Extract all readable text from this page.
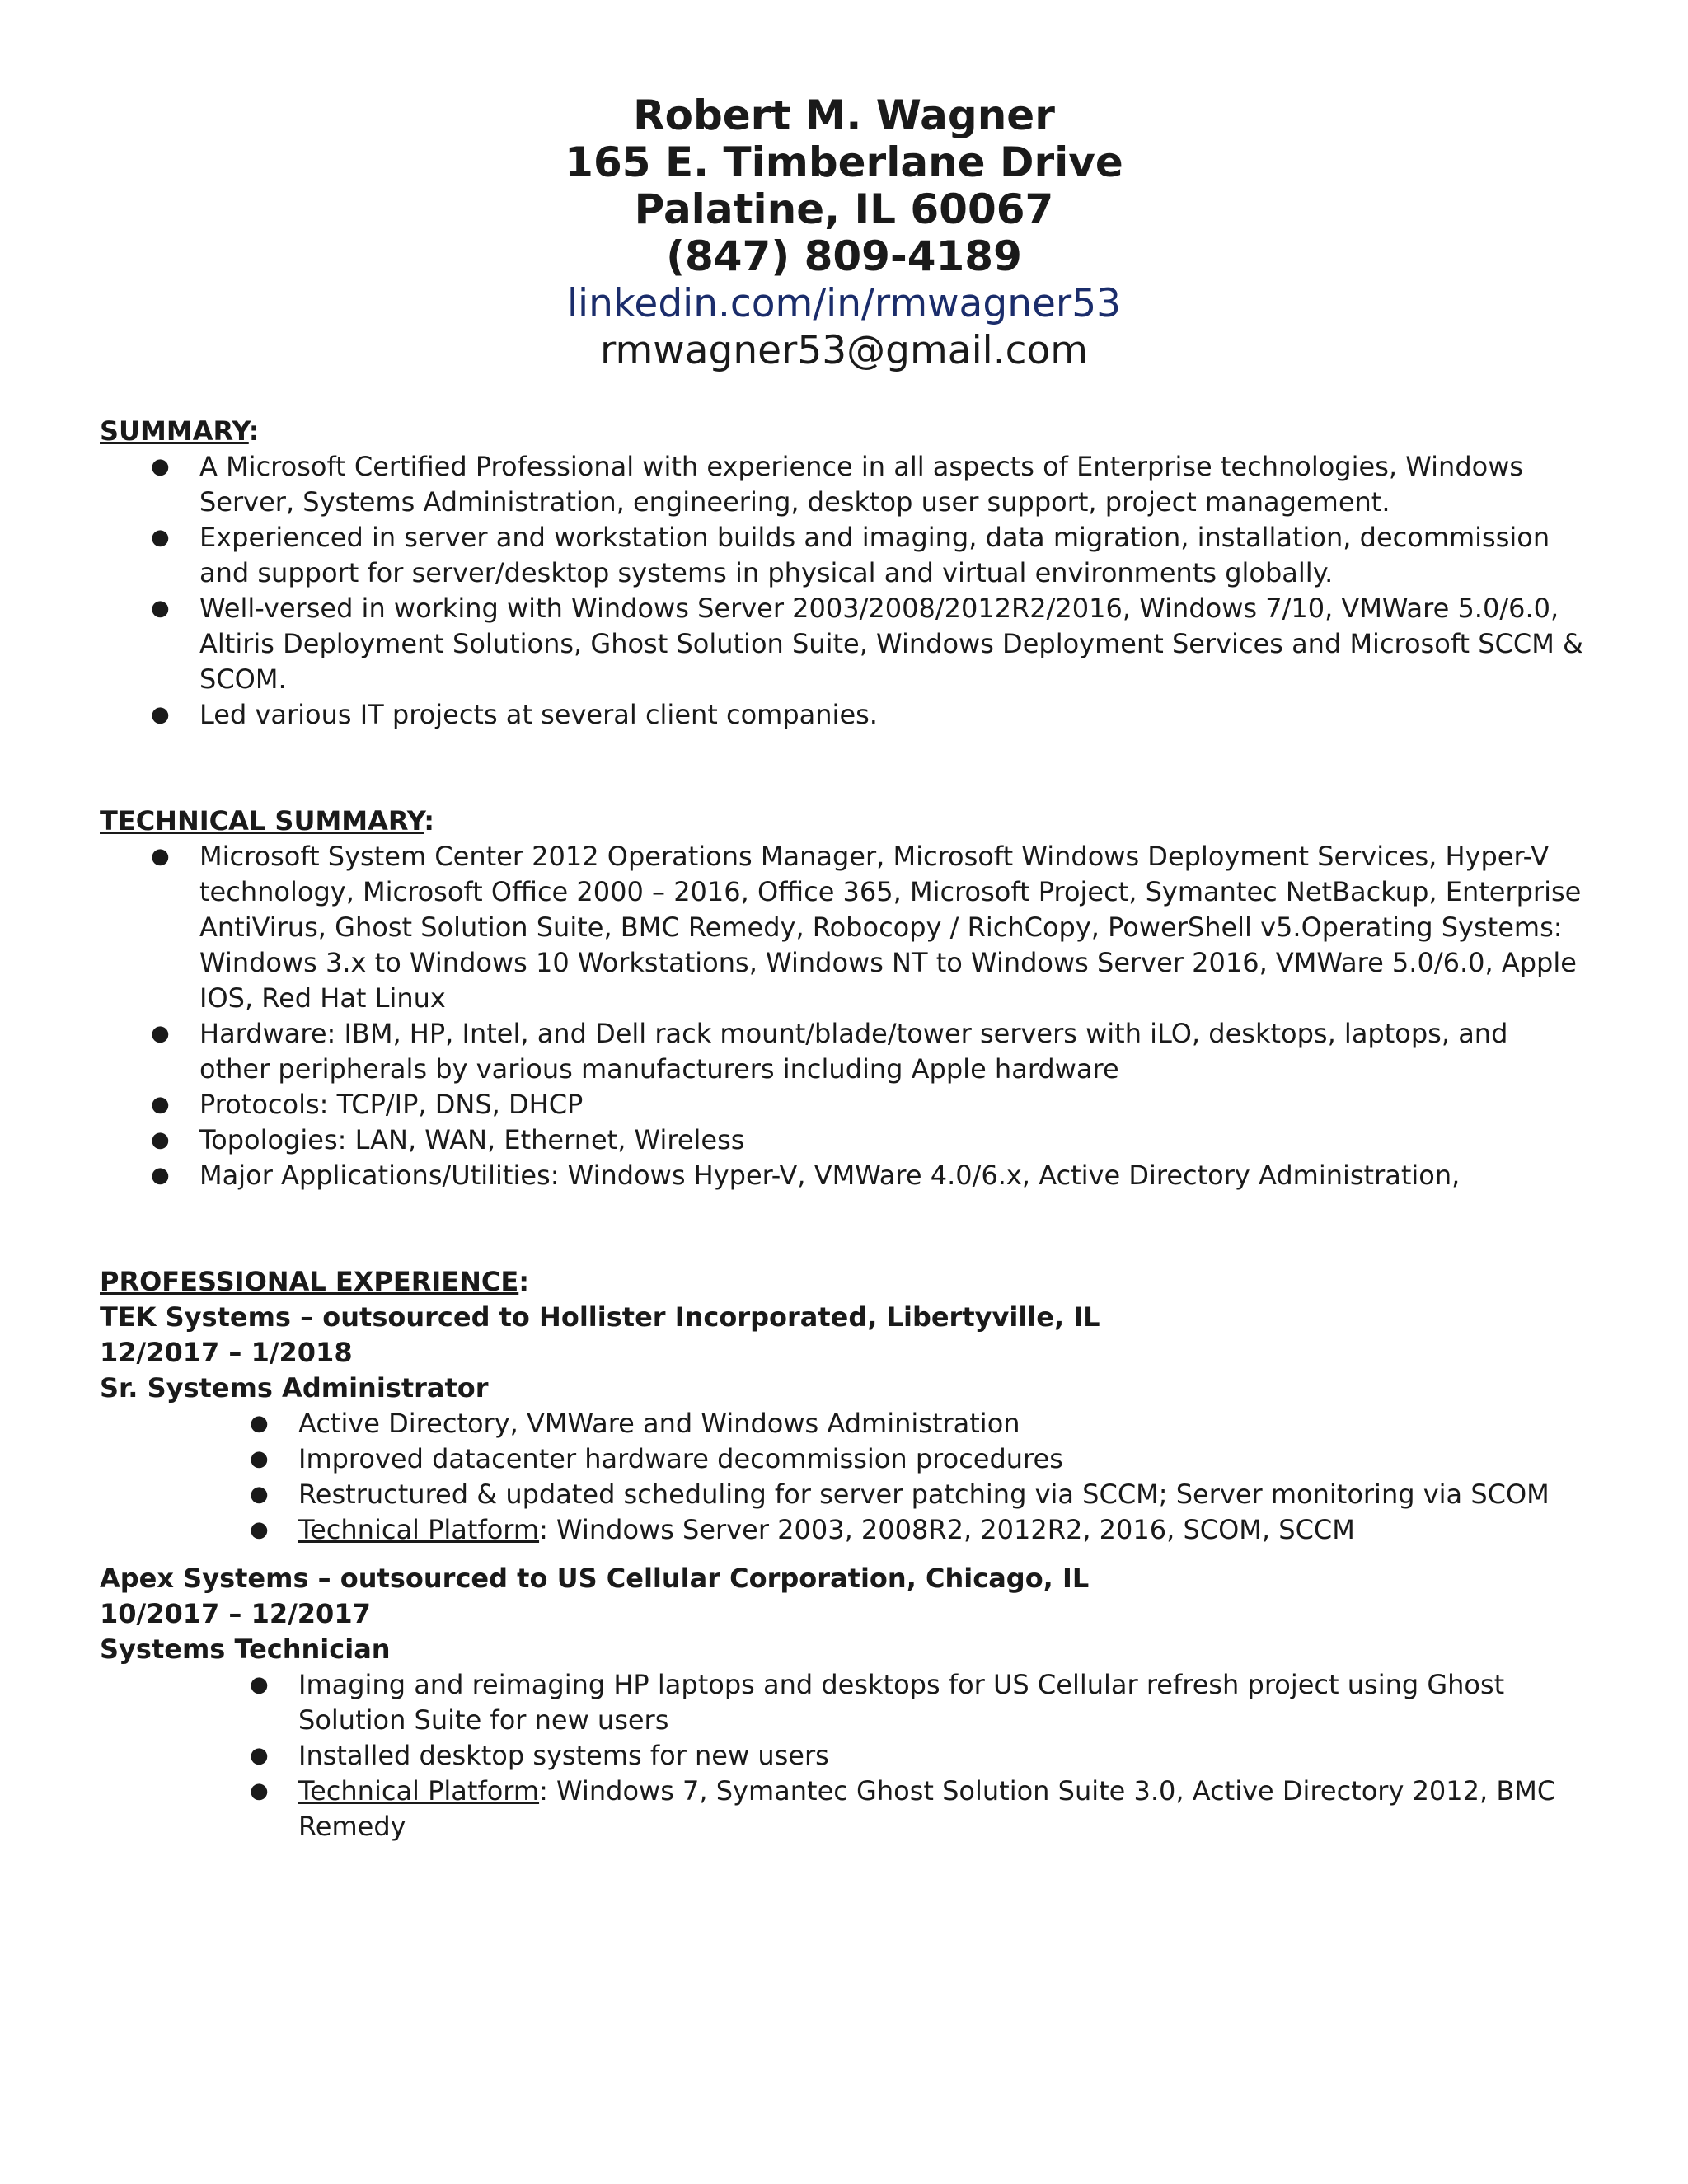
Robert M. Wagner

165 E. Timberlane Drive

Palatine, IL 60067

(847) 809-4189

linkedin.com/in/rmwagner53

rmwagner53@gmail.com

SUMMARY:

● A Microsoft Certified Professional with experience in all aspects of Enterprise technologies, Windows Server, Systems Administration, engineering, desktop user support, project management.
● Experienced in server and workstation builds and imaging, data migration, installation, decommission and support for server/desktop systems in physical and virtual environments globally.
● Well-versed in working with Windows Server 2003/2008/2012R2/2016, Windows 7/10, VMWare 5.0/6.0, Altiris Deployment Solutions, Ghost Solution Suite, Windows Deployment Services and Microsoft SCCM & SCOM.
● Led various IT projects at several client companies.

TECHNICAL SUMMARY:

● Microsoft System Center 2012 Operations Manager, Microsoft Windows Deployment Services, Hyper-V technology, Microsoft Office 2000 – 2016, Office 365, Microsoft Project, Symantec NetBackup, Enterprise AntiVirus, Ghost Solution Suite, BMC Remedy, Robocopy / RichCopy, PowerShell v5.Operating Systems: Windows 3.x to Windows 10 Workstations, Windows NT to Windows Server 2016, VMWare 5.0/6.0, Apple IOS, Red Hat Linux
● Hardware: IBM, HP, Intel, and Dell rack mount/blade/tower servers with iLO, desktops, laptops, and other peripherals by various manufacturers including Apple hardware
● Protocols: TCP/IP, DNS, DHCP
● Topologies: LAN, WAN, Ethernet, Wireless
● Major Applications/Utilities: Windows Hyper-V, VMWare 4.0/6.x, Active Directory Administration,

PROFESSIONAL EXPERIENCE:

TEK Systems – outsourced to Hollister Incorporated, Libertyville, IL

12/2017 – 1/2018

Sr. Systems Administrator

● Active Directory, VMWare and Windows Administration
● Improved datacenter hardware decommission procedures
● Restructured & updated scheduling for server patching via SCCM; Server monitoring via SCOM
● Technical Platform: Windows Server 2003, 2008R2, 2012R2, 2016, SCOM, SCCM

Apex Systems – outsourced to US Cellular Corporation, Chicago, IL

10/2017 – 12/2017

Systems Technician

● Imaging and reimaging HP laptops and desktops for US Cellular refresh project using Ghost Solution Suite for new users
● Installed desktop systems for new users
● Technical Platform: Windows 7, Symantec Ghost Solution Suite 3.0, Active Directory 2012, BMC Remedy
